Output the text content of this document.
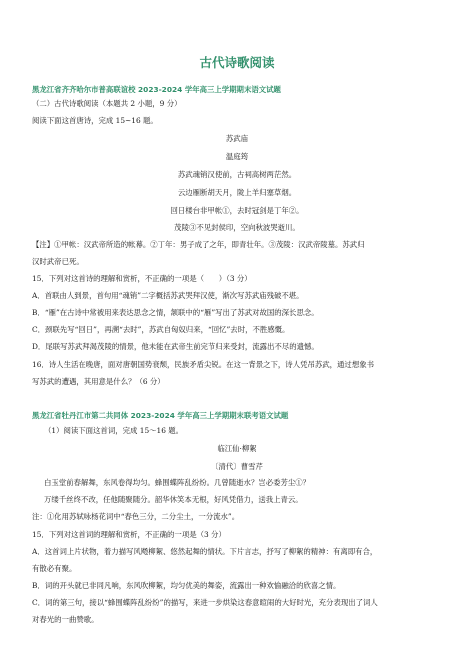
古代诗歌阅读
黑龙江省齐齐哈尔市普高联谊校 2023-2024 学年高三上学期期末语文试题
（二）古代诗歌阅读（本题共 2 小题，9 分）
阅读下面这首唐诗，完成 15~16 题。
苏武庙
温庭筠
苏武魂销汉使前，古祠高树两茫然。
云边雁断胡天月，陇上羊归塞草烟。
回日楼台非甲帐①，去时冠剑是丁年②。
茂陵③不见封侯印，空向秋波哭逝川。
【注】①甲帐：汉武帝所造的帐幕。②丁年：男子成了之年，即青壮年。③茂陵：汉武帝陵墓。苏武归
汉时武帝已死。
15．下列对这首诗的理解和赏析，不正确的一项是（　　）（3 分）
A．首联由人到景，首句用“魂销”二字概括苏武哭拜汉使，渐次写苏武庙残破不堪。
B．“雁”在古诗中常被用来表达思念之情，颔联中的“雁”写出了苏武对故国的深长思念。
C．颈联先写“回日”，再溯“去时”，苏武自匈奴归来，“回忆”去时，不胜感慨。
D．尾联写苏武拜渴茂陵的情景，他未能在武帝生前完节归来受封，流露出不尽的遗憾。
16．诗人生活在晚唐，面对唐朝国势衰颓，民族矛盾尖锐。在这一背景之下，诗人凭吊苏武，通过想象书
写苏武的遭遇，其用意是什么？（6 分）
黑龙江省牡丹江市第二共同体 2023-2024 学年高三上学期期末联考语文试题
（1）阅读下面这首词，完成 15～16 题。
临江仙·柳絮
〔清代〕曹雪芹
白玉堂前春解舞，东风卷得均匀。蜂围蝶阵乱纷纷。几曾随逝水？岂必委芳尘①？
万缕千丝终不改，任他随聚随分。韶华休笑本无根，好风凭借力，送我上青云。
注：①化用苏轼咏杨花词中“春色三分，二分尘土，一分流水”。
15．下列对这首词的理解和赏析，不正确的一项是（3 分）
A．这首词上片状物，着力描写风飏柳絮、悠然起舞的情状。下片言志，抒写了柳絮的精神：有离即有合，
有散必有聚。
B．词的开头就已非同凡响，东风吹柳絮，均匀优美的舞姿，流露出一种欢愉融洽的欣喜之情。
C．词的第三句，接以“蜂围蝶阵乱纷纷”的描写，来进一步烘染这春意暄闹的大好时光，充分表现出了词人
对春光的一曲赞歌。
